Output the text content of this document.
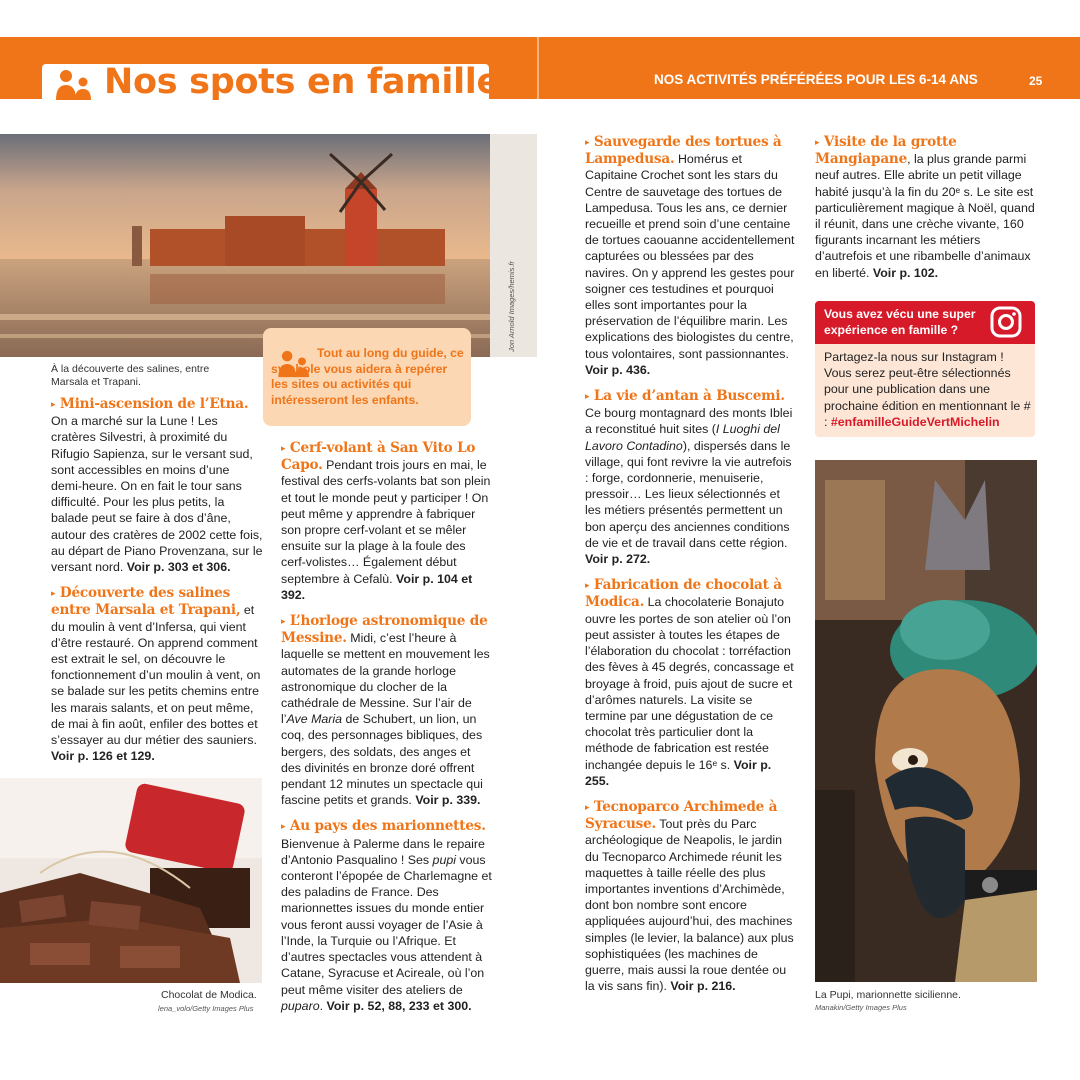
Nos spots en famille	NOS ACTIVITÉS PRÉFÉRÉES POUR LES 6-14 ANS	25
Jon Arnold Images/hemis.fr
À la découverte des salines, entre Marsala et Trapani.
Tout au long du guide, ce symbole vous aidera à repérer les sites ou activités qui intéresseront les enfants.

▸ Mini-ascension de l’Etna. On a marché sur la Lune ! Les cratères Silvestri, à proximité du Rifugio Sapienza, sur le versant sud, sont accessibles en moins d’une demi-heure. On en fait le tour sans difficulté. Pour les plus petits, la balade peut se faire à dos d’âne, autour des cratères de 2002 cette fois, au départ de Piano Provenzana, sur le versant nord. Voir p. 303 et 306.

▸ Découverte des salines entre Marsala et Trapani, et du moulin à vent d’Infersa, qui vient d’être restauré. On apprend comment est extrait le sel, on découvre le fonctionnement d’un moulin à vent, on se balade sur les petits chemins entre les marais salants, et on peut même, de mai à fin août, enfiler des bottes et s’essayer au dur métier des sauniers. Voir p. 126 et 129.

Chocolat de Modica.
lena_volo/Getty Images Plus

▸ Cerf-volant à San Vito Lo Capo. Pendant trois jours en mai, le festival des cerfs-volants bat son plein et tout le monde peut y participer ! On peut même y apprendre à fabriquer son propre cerf-volant et se mêler ensuite sur la plage à la foule des cerf-volistes… Également début septembre à Cefalù. Voir p. 104 et 392.

▸ L’horloge astronomique de Messine. Midi, c’est l’heure à laquelle se mettent en mouvement les automates de la grande horloge astronomique du clocher de la cathédrale de Messine. Sur l’air de l’Ave Maria de Schubert, un lion, un coq, des personnages bibliques, des bergers, des soldats, des anges et des divinités en bronze doré offrent pendant 12 minutes un spectacle qui fascine petits et grands. Voir p. 339.

▸ Au pays des marionnettes. Bienvenue à Palerme dans le repaire d’Antonio Pasqualino ! Ses pupi vous conteront l’épopée de Charlemagne et des paladins de France. Des marionnettes issues du monde entier vous feront aussi voyager de l’Asie à l’Inde, la Turquie ou l’Afrique. Et d’autres spectacles vous attendent à Catane, Syracuse et Acireale, où l’on peut même visiter des ateliers de puparo. Voir p. 52, 88, 233 et 300.

▸ Sauvegarde des tortues à Lampedusa. Homérus et Capitaine Crochet sont les stars du Centre de sauvetage des tortues de Lampedusa. Tous les ans, ce dernier recueille et prend soin d’une centaine de tortues caouanne accidentellement capturées ou blessées par des navires. On y apprend les gestes pour soigner ces testudines et pourquoi elles sont importantes pour la préservation de l’équilibre marin. Les explications des biologistes du centre, tous volontaires, sont passionnantes. Voir p. 436.

▸ La vie d’antan à Buscemi. Ce bourg montagnard des monts Iblei a reconstitué huit sites (I Luoghi del Lavoro Contadino), dispersés dans le village, qui font revivre la vie autrefois : forge, cordonnerie, menuiserie, pressoir… Les lieux sélectionnés et les métiers présentés permettent un bon aperçu des anciennes conditions de vie et de travail dans cette région. Voir p. 272.

▸ Fabrication de chocolat à Modica. La chocolaterie Bonajuto ouvre les portes de son atelier où l’on peut assister à toutes les étapes de l’élaboration du chocolat : torréfaction des fèves à 45 degrés, concassage et broyage à froid, puis ajout de sucre et d’arômes naturels. La visite se termine par une dégustation de ce chocolat très particulier dont la méthode de fabrication est restée inchangée depuis le 16ᵉ s. Voir p. 255.

▸ Tecnoparco Archimede à Syracuse. Tout près du Parc archéologique de Neapolis, le jardin du Tecnoparco Archimede réunit les maquettes à taille réelle des plus importantes inventions d’Archimède, dont bon nombre sont encore appliquées aujourd’hui, des machines simples (le levier, la balance) aux plus sophistiquées (les machines de guerre, mais aussi la roue dentée ou la vis sans fin). Voir p. 216.

▸ Visite de la grotte Mangiapane, la plus grande parmi neuf autres. Elle abrite un petit village habité jusqu’à la fin du 20ᵉ s. Le site est particulièrement magique à Noël, quand il réunit, dans une crèche vivante, 160 figurants incarnant les métiers d’autrefois et une ribambelle d’animaux en liberté. Voir p. 102.

Vous avez vécu une super expérience en famille ?
Partagez-la nous sur Instagram ! Vous serez peut-être sélectionnés pour une publication dans une prochaine édition en mentionnant le # : #enfamilleGuideVertMichelin
La Pupi, marionnette sicilienne.
Manakin/Getty Images Plus
